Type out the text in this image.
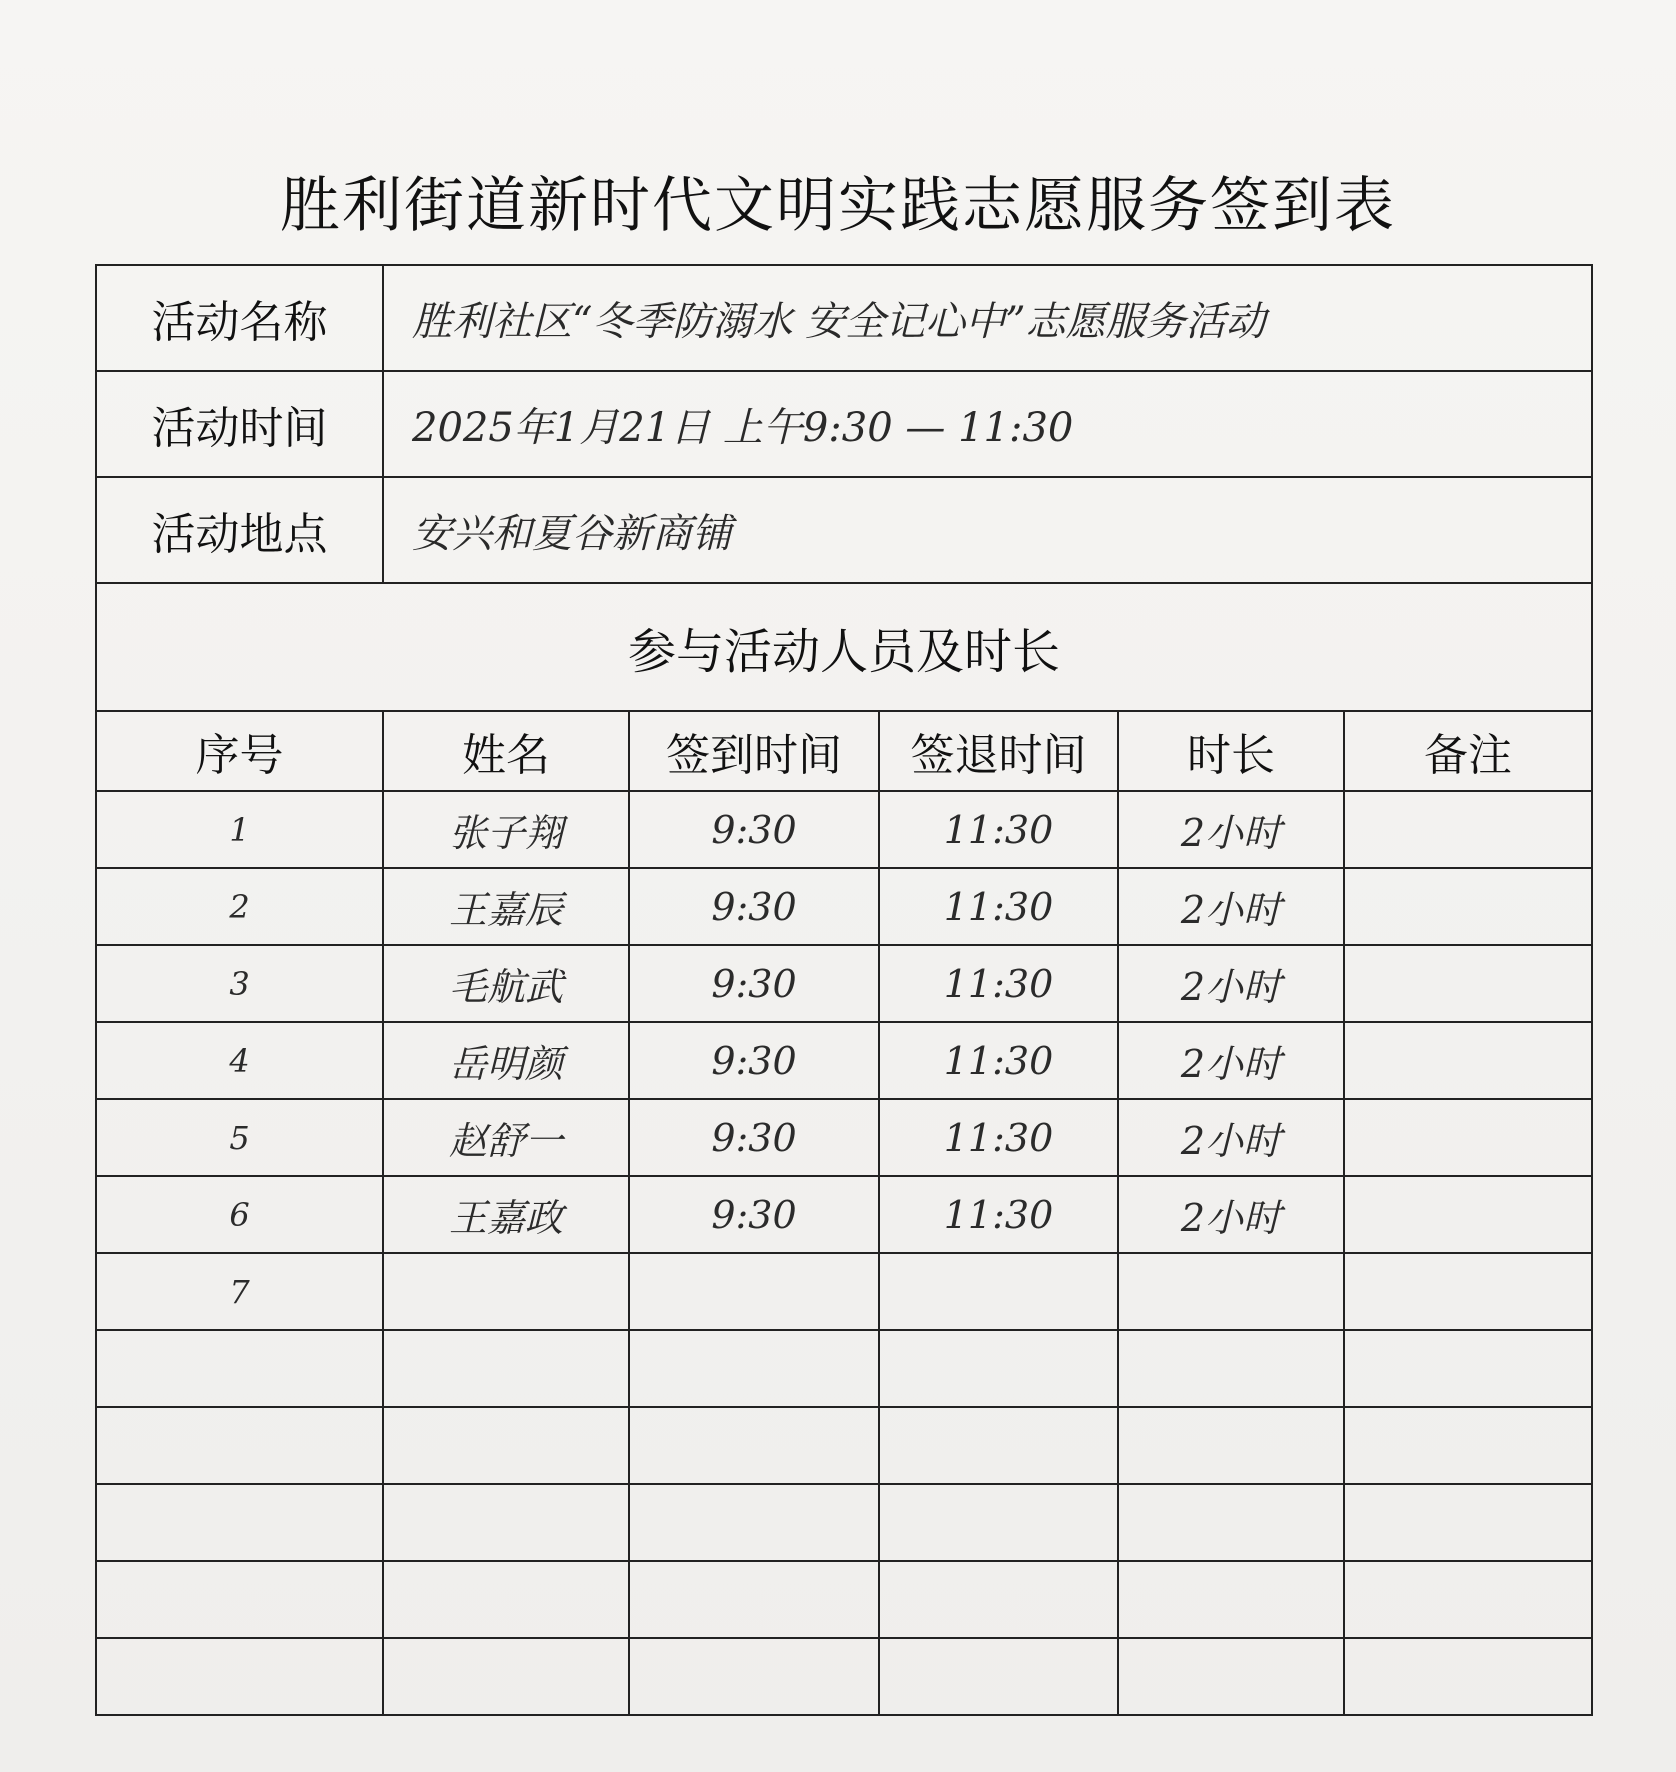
胜利街道新时代文明实践志愿服务签到表
活动名称	胜利社区“冬季防溺水 安全记心中”志愿服务活动				
活动时间	2025年1月21日 上午9:30 — 11:30				
活动地点	安兴和夏谷新商铺				
参与活动人员及时长					
序号	姓名	签到时间	签退时间	时长	备注
1	张子翔	9:30	11:30	2小时	
2	王嘉辰	9:30	11:30	2小时	
3	毛航武	9:30	11:30	2小时	
4	岳明颜	9:30	11:30	2小时	
5	赵舒一	9:30	11:30	2小时	
6	王嘉政	9:30	11:30	2小时	
7					
